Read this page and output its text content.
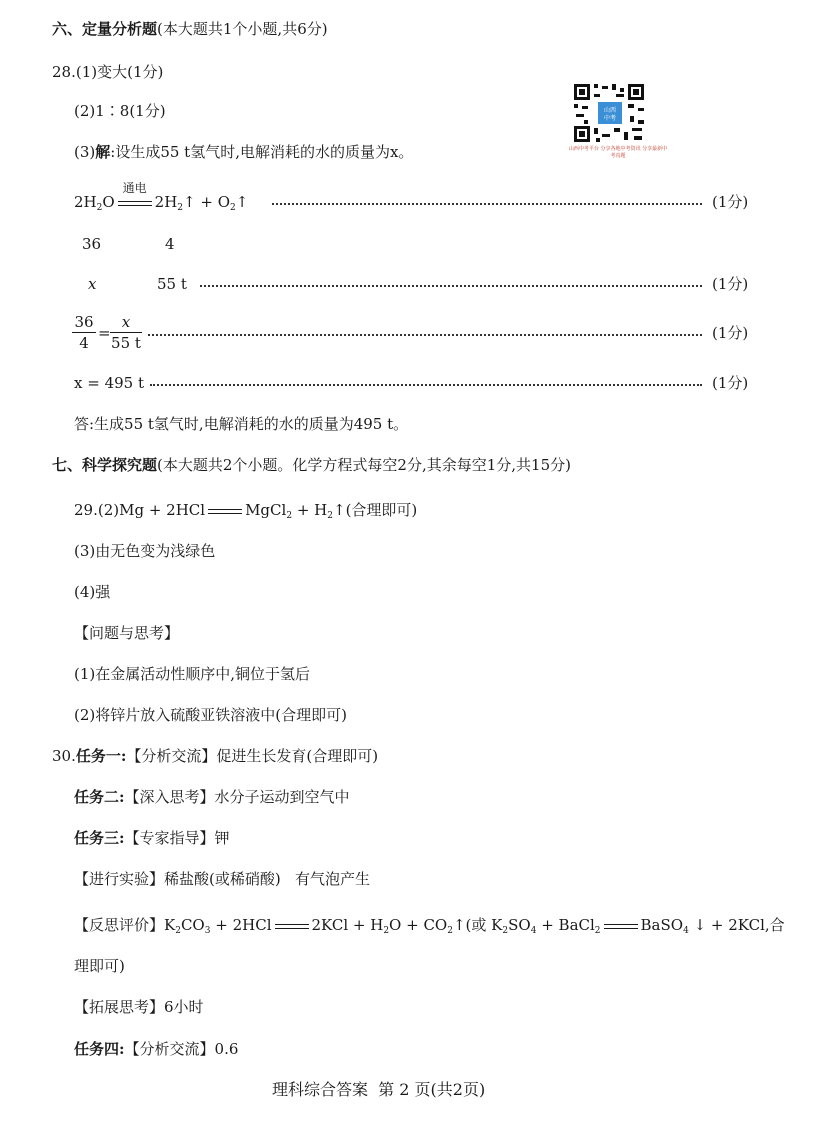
六、定量分析题(本大题共1个小题,共6分)
28.(1)变大(1分)
(2)1∶8(1分)
(3)解:设生成55 t氢气时,电解消耗的水的质量为x。
山西
中考
山西中考平台 分享各地中考资讯 分享最新中考真题
$2H_2O$
通电
$2H_2↑$ + $O_2↑$	(1分)
36	4
x	55 t	(1分)
36
4
=
x
55 t
(1分)
x = 495 t	(1分)
答:生成55 t氢气时,电解消耗的水的质量为495 t。
七、科学探究题(本大题共2个小题。化学方程式每空2分,其余每空1分,共15分)
29.(2)Mg + 2HCl	MgCl$_2$ + $H_2↑$(合理即可)
(3)由无色变为浅绿色
(4)强
【问题与思考】
(1)在金属活动性顺序中,铜位于氢后
(2)将锌片放入硫酸亚铁溶液中(合理即可)
30.任务一:【分析交流】促进生长发育(合理即可)
任务二:【深入思考】水分子运动到空气中
任务三:【专家指导】钾
【进行实验】稀盐酸(或稀硝酸)   有气泡产生
【反思评价】$K_2CO_3 + 2HCl$	$2KCl + H_2O$ + $CO_2↑$(或 $K_2SO_4$ + BaCl$_2$	BaSO$_4$ ↓ + 2KCl,合
理即可)
【拓展思考】6小时
任务四:【分析交流】0.6
理科综合答案  第 2 页(共2页)
